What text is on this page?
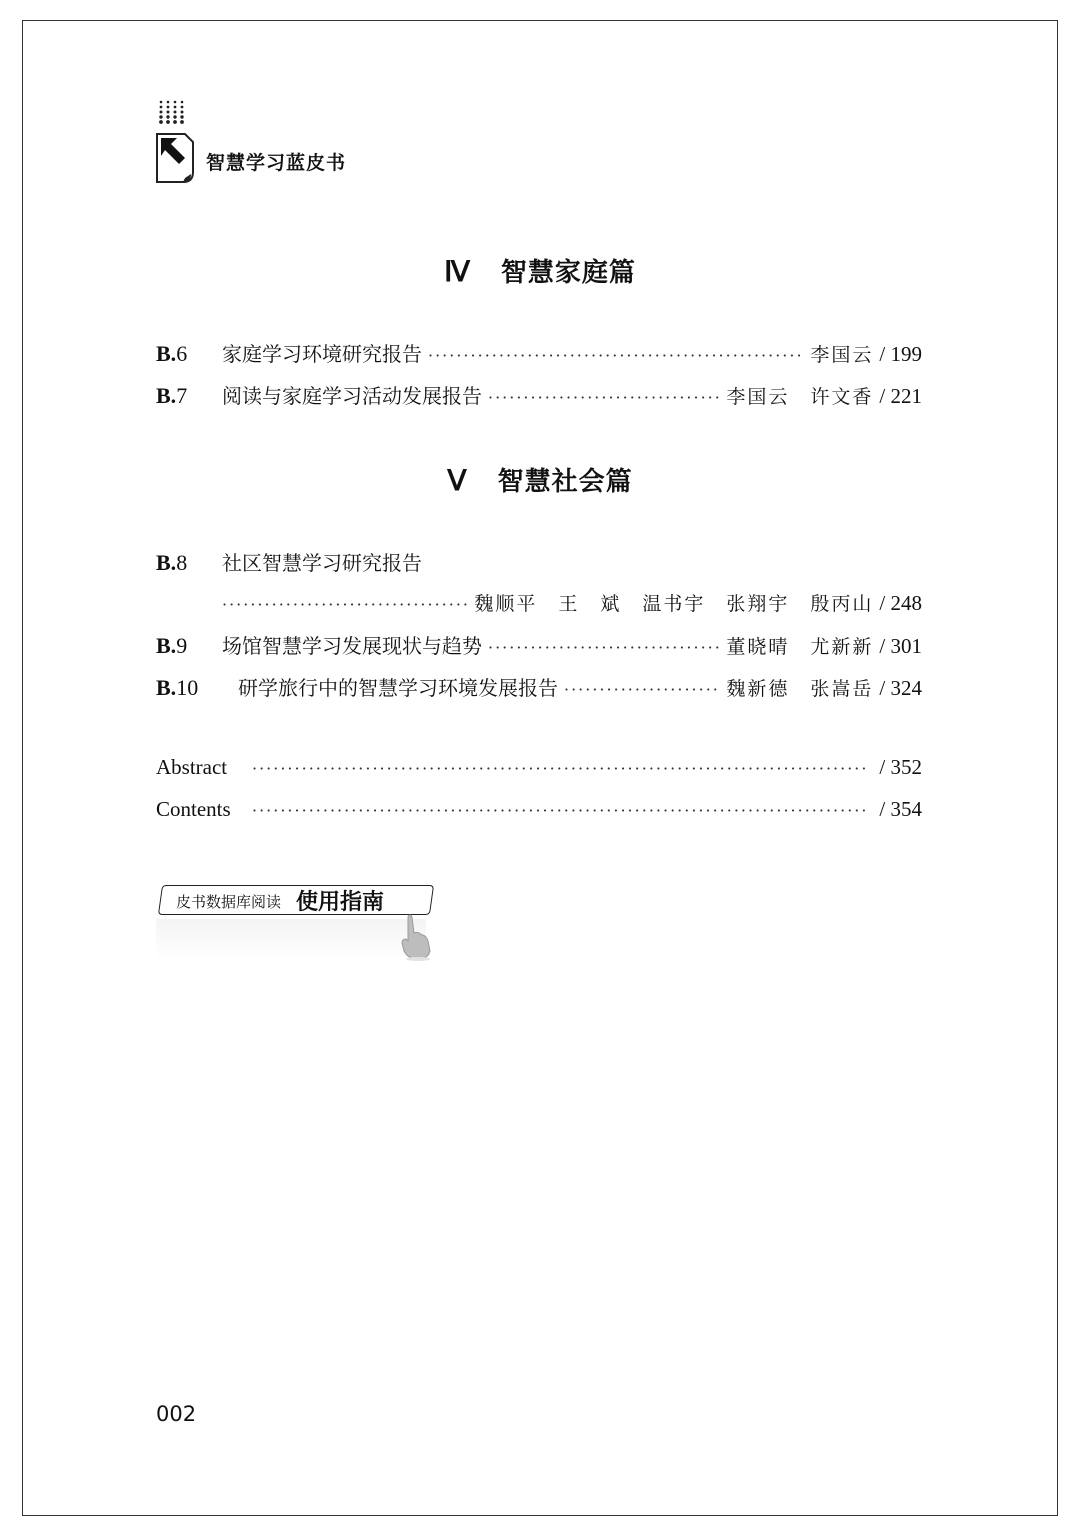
智慧学习蓝皮书
Ⅳ 智慧家庭篇
B.6	家庭学习环境研究报告 ·····	李国云 / 199
B.7	阅读与家庭学习活动发展报告 ·····	李国云　许文香 / 221
Ⅴ 智慧社会篇
B.8	社区智慧学习研究报告
·····
魏顺平　王　斌　温书宇　张翔宇　殷丙山 / 248
B.9	场馆智慧学习发展现状与趋势 ·····	董晓晴　尤新新 / 301
B.10	研学旅行中的智慧学习环境发展报告 ·····	魏新德　张嵩岳 / 324
Abstract ·····	/ 352
Contents ·····	/ 354
皮书数据库阅读 使用指南
002
